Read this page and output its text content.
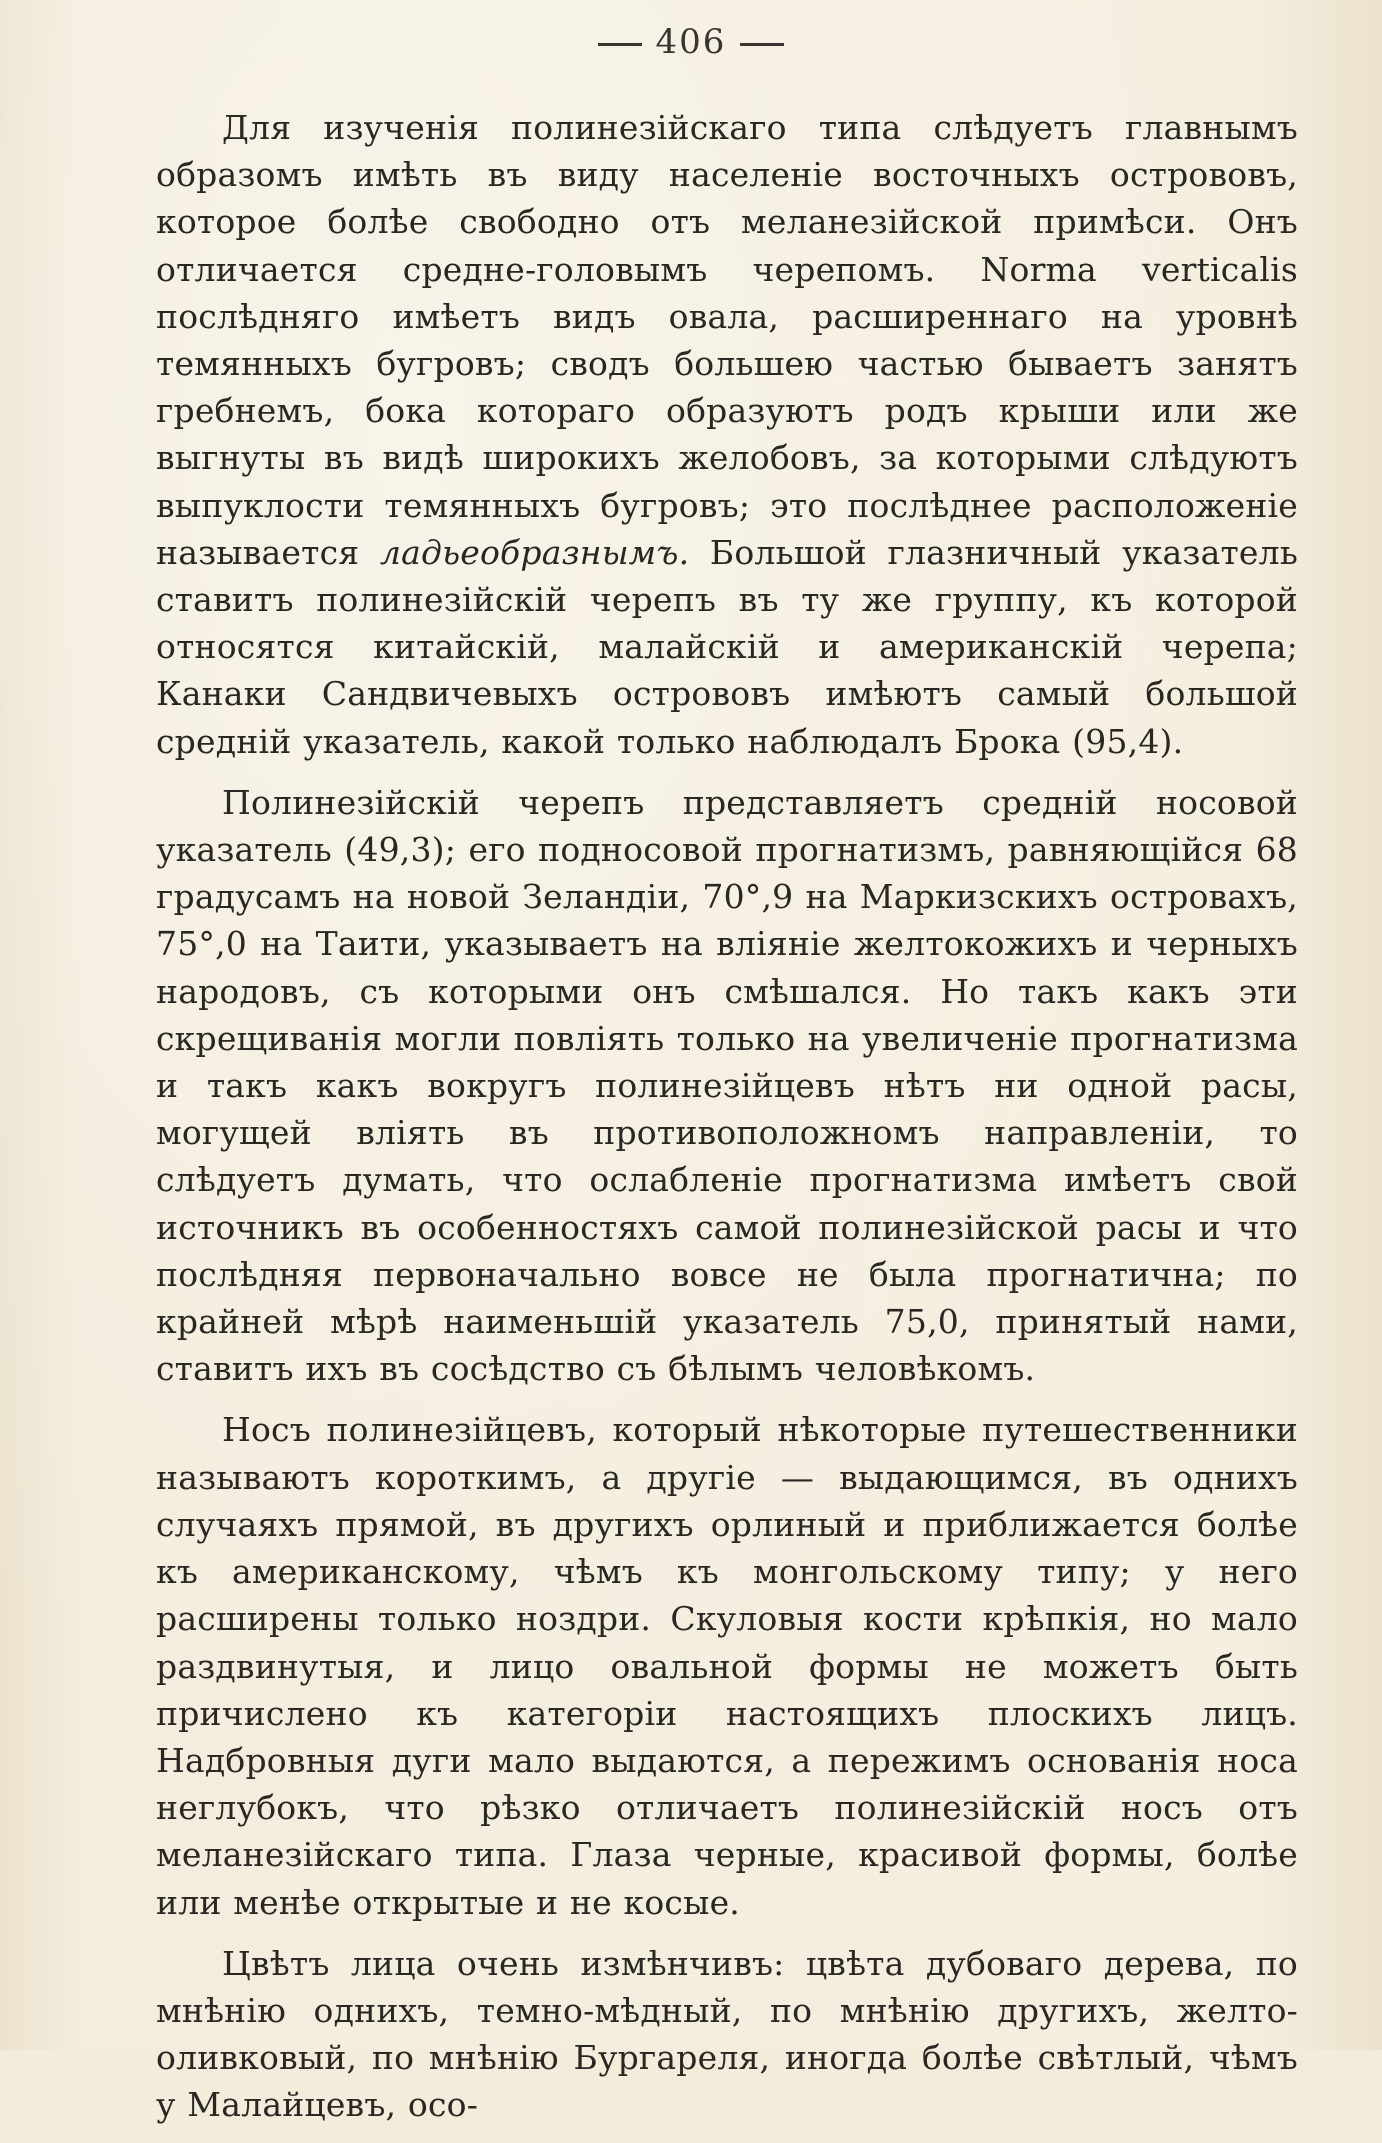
406

Для изученія полинезійскаго типа слѣдуетъ главнымъ образомъ имѣть въ виду населеніе восточныхъ острововъ, которое болѣе свободно отъ меланезійской примѣси. Онъ отличается средне-головымъ черепомъ. Norma verticalis послѣдняго имѣетъ видъ овала, расширеннаго на уровнѣ темянныхъ бугровъ; сводъ большею частью бываетъ занятъ гребнемъ, бока котораго образуютъ родъ крыши или же выгнуты въ видѣ широкихъ желобовъ, за которыми слѣдуютъ выпуклости темянныхъ бугровъ; это послѣднее расположеніе называется ладьеобразнымъ. Большой глазничный указатель ставитъ полинезійскій черепъ въ ту же группу, къ которой относятся китайскій, малайскій и американскій черепа; Канаки Сандвичевыхъ острововъ имѣютъ самый большой средній указатель, какой только наблюдалъ Брока (95,4).

Полинезійскій черепъ представляетъ средній носовой указатель (49,3); его подносовой прогнатизмъ, равняющійся 68 градусамъ на новой Зеландіи, 70°,9 на Маркизскихъ островахъ, 75°,0 на Таити, указываетъ на вліяніе желтокожихъ и черныхъ народовъ, съ которыми онъ смѣшался. Но такъ какъ эти скрещиванія могли повліять только на увеличеніе прогнатизма и такъ какъ вокругъ полинезійцевъ нѣтъ ни одной расы, могущей вліять въ противоположномъ направленіи, то слѣдуетъ думать, что ослабленіе прогнатизма имѣетъ свой источникъ въ особенностяхъ самой полинезійской расы и что послѣдняя первоначально вовсе не была прогнатична; по крайней мѣрѣ наименьшій указатель 75,0, принятый нами, ставитъ ихъ въ сосѣдство съ бѣлымъ человѣкомъ.

Носъ полинезійцевъ, который нѣкоторые путешественники называютъ короткимъ, а другіе — выдающимся, въ однихъ случаяхъ прямой, въ другихъ орлиный и приближается болѣе къ американскому, чѣмъ къ монгольскому типу; у него расширены только ноздри. Скуловыя кости крѣпкія, но мало раздвинутыя, и лицо овальной формы не можетъ быть причислено къ категоріи настоящихъ плоскихъ лицъ. Надбровныя дуги мало выдаются, а пережимъ основанія носа неглубокъ, что рѣзко отличаетъ полинезійскій носъ отъ меланезійскаго типа. Глаза черные, красивой формы, болѣе или менѣе открытые и не косые.

Цвѣтъ лица очень измѣнчивъ: цвѣта дубоваго дерева, по мнѣнію однихъ, темно-мѣдный, по мнѣнію другихъ, желто-оливковый, по мнѣнію Бургареля, иногда болѣе свѣтлый, чѣмъ у Малайцевъ, осо-
